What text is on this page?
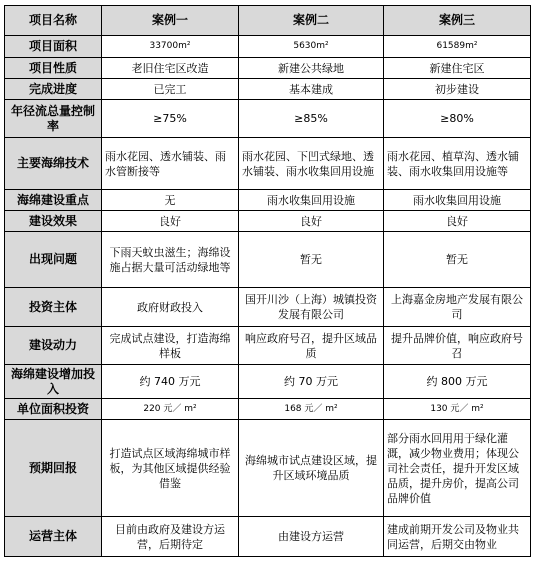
项目名称	案例一	案例二	案例三
项目面积	33700m²	5630m²	61589m²
项目性质	老旧住宅区改造	新建公共绿地	新建住宅区
完成进度	已完工	基本建成	初步建设
年径流总量控制率	≥75%	≥85%	≥80%
主要海绵技术	雨水花园、透水铺装、雨水管断接等	雨水花园、下凹式绿地、透水铺装、雨水收集回用设施	雨水花园、植草沟、透水铺装、雨水收集回用设施等
海绵建设重点	无	雨水收集回用设施	雨水收集回用设施
建设效果	良好	良好	良好
出现问题	下雨天蚊虫滋生；海绵设施占据大量可活动绿地等	暂无	暂无
投资主体	政府财政投入	国开川沙（上海）城镇投资发展有限公司	上海嘉金房地产发展有限公司
建设动力	完成试点建设，打造海绵样板	响应政府号召，提升区域品质	提升品牌价值，响应政府号召
海绵建设增加投入	约 740 万元	约 70 万元	约 800 万元
单位面积投资	220 元／ m²	168 元／ m²	130 元／ m²
预期回报	打造试点区域海绵城市样板，为其他区域提供经验借鉴	海绵城市试点建设区域，提升区域环境品质	部分雨水回用用于绿化灌溉，减少物业费用；体现公司社会责任，提升开发区域品质，提升房价，提高公司品牌价值
运营主体	目前由政府及建设方运营，后期待定	由建设方运营	建成前期开发公司及物业共同运营，后期交由物业
